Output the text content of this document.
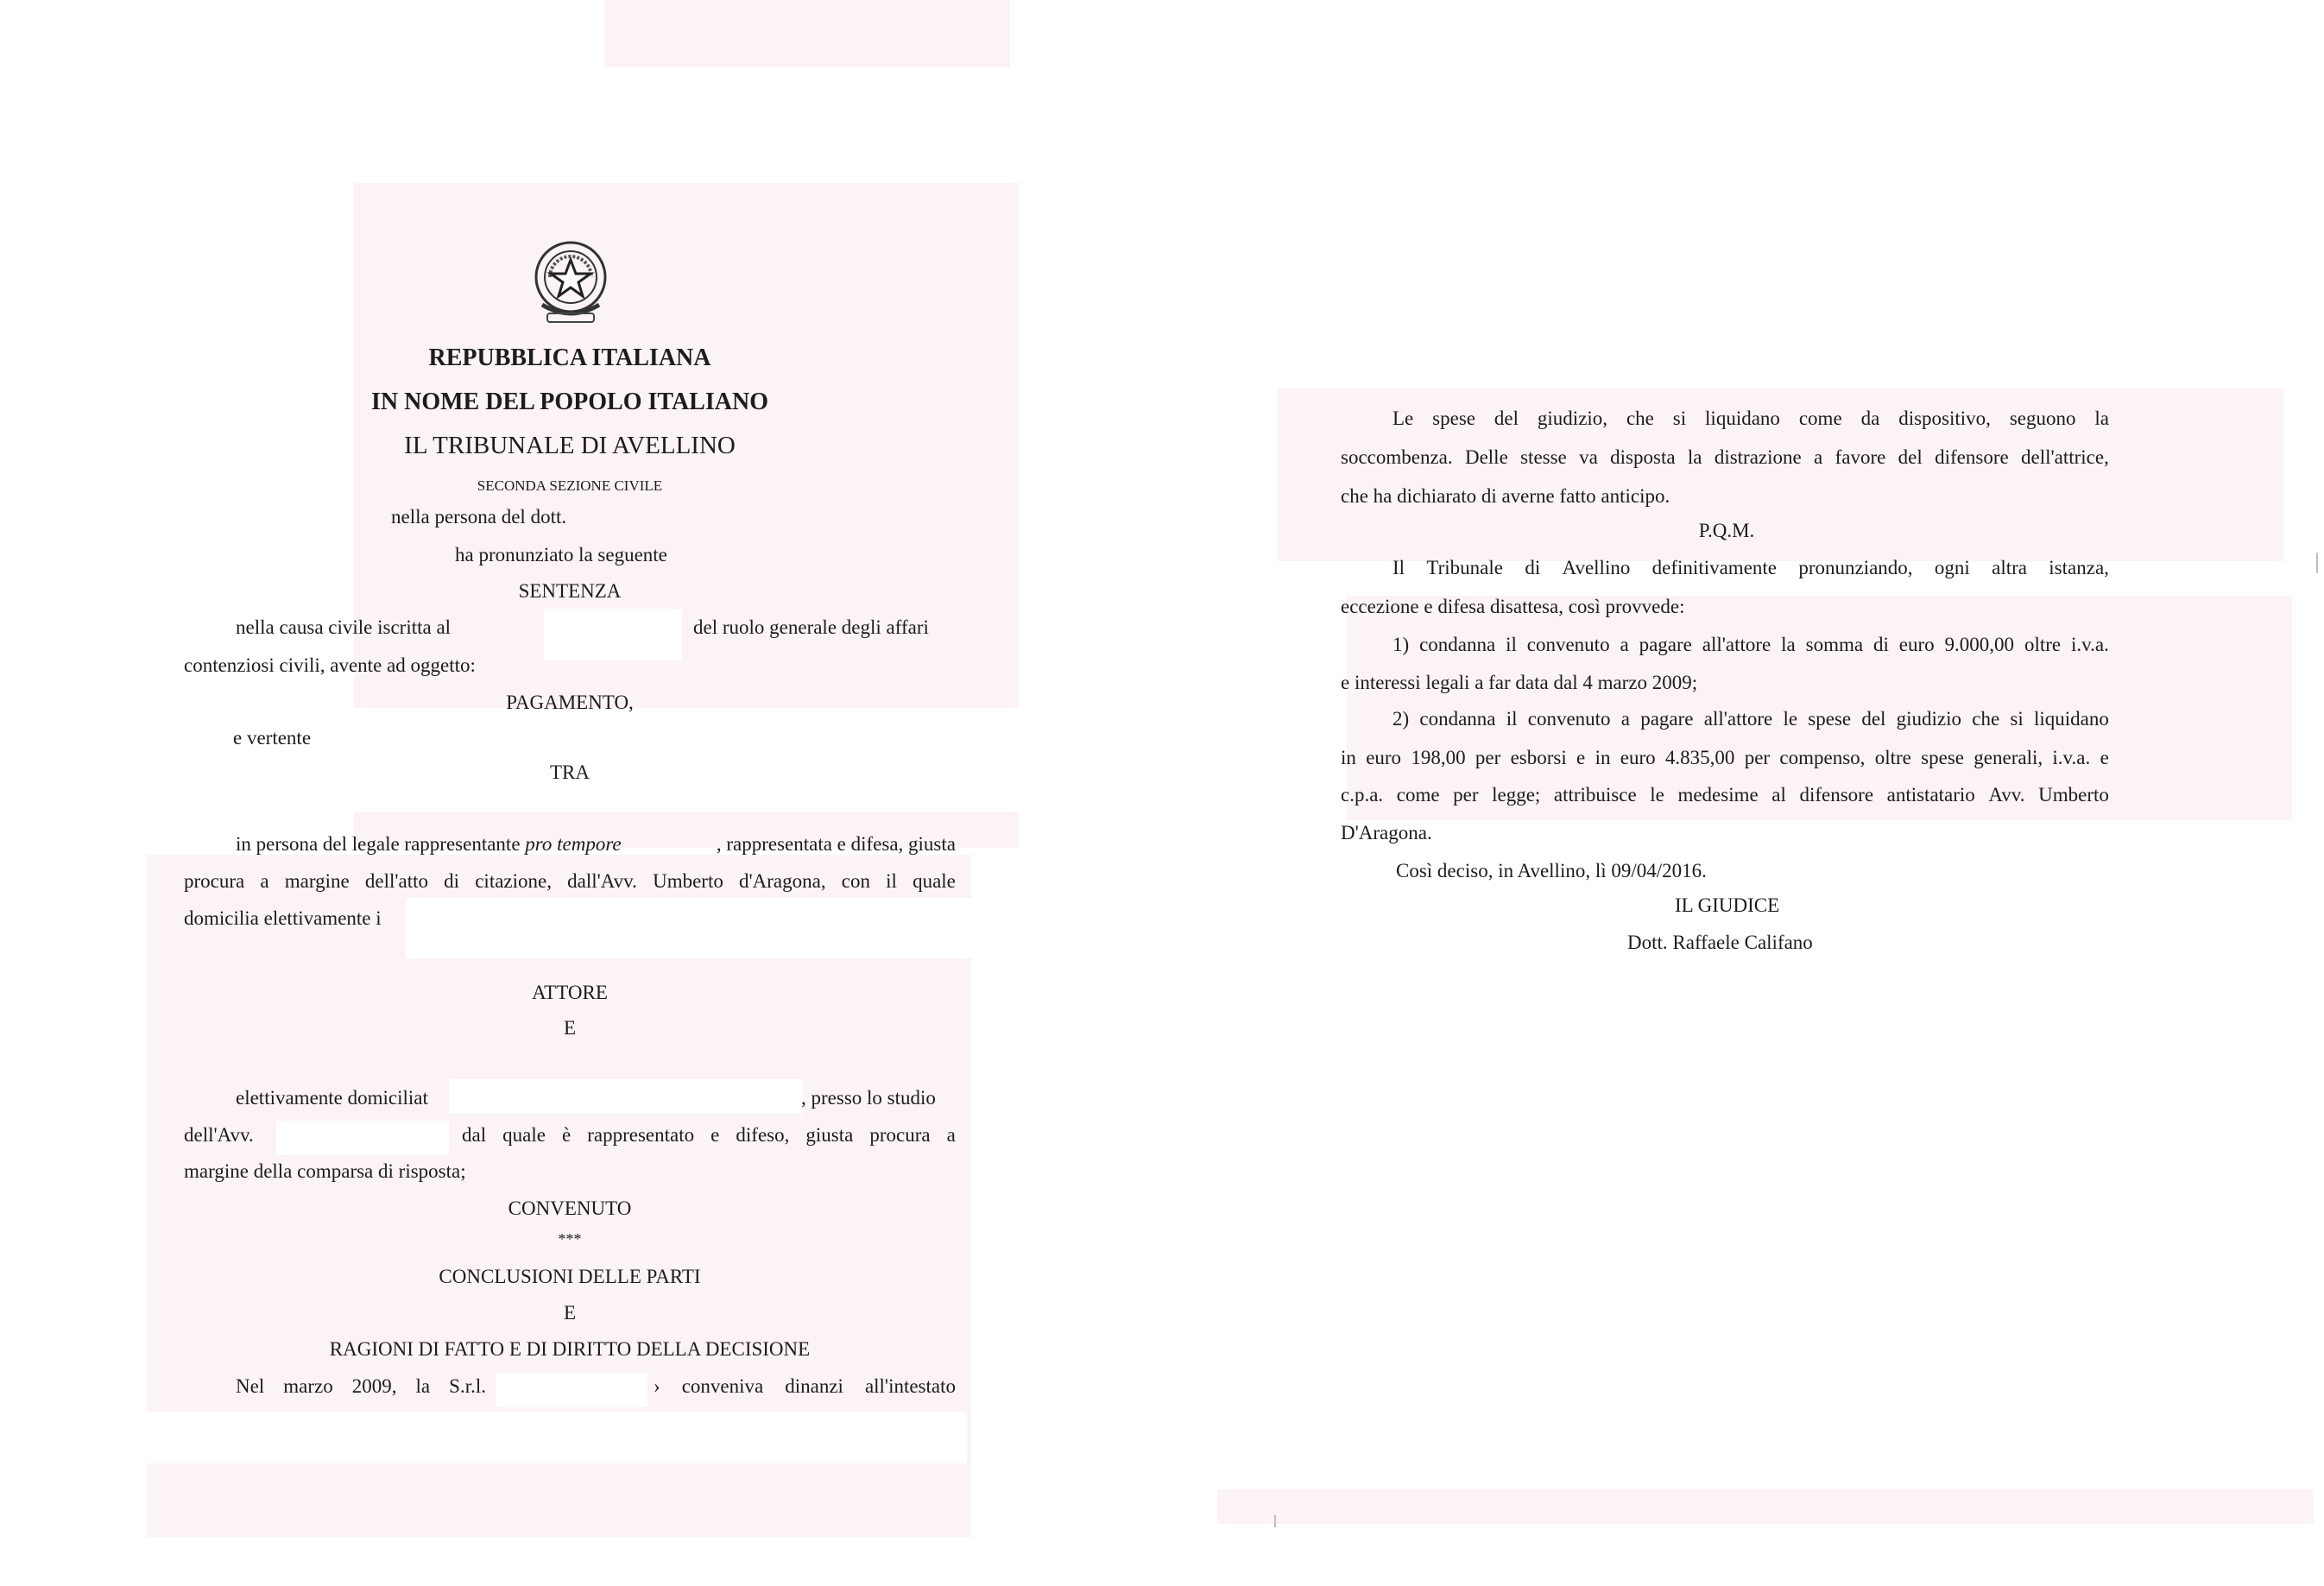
REPUBBLICA ITALIANA
IN NOME DEL POPOLO ITALIANO
IL TRIBUNALE DI AVELLINO
SECONDA SEZIONE CIVILE
nella persona del dott.
ha pronunziato la seguente
SENTENZA
nella causa civile iscritta al	del ruolo generale degli affari
contenziosi civili, avente ad oggetto:
PAGAMENTO,
e vertente
TRA
in persona del legale rappresentante pro tempore	, rappresentata e difesa, giusta
procura a margine dell'atto di citazione, dall'Avv. Umberto d'Aragona, con il quale
domicilia elettivamente i
ATTORE
E
elettivamente domiciliat	, presso lo studio
dell'Avv.	dal quale è rappresentato e difeso, giusta procura a
margine della comparsa di risposta;
CONVENUTO
***
CONCLUSIONI DELLE PARTI
E
RAGIONI DI FATTO E DI DIRITTO DELLA DECISIONE
Nel marzo 2009, la S.r.l.	› conveniva dinanzi all'intestato
Le spese del giudizio, che si liquidano come da dispositivo, seguono la
soccombenza. Delle stesse va disposta la distrazione a favore del difensore dell'attrice,
che ha dichiarato di averne fatto anticipo.
P.Q.M.
Il Tribunale di Avellino definitivamente pronunziando, ogni altra istanza,
eccezione e difesa disattesa, così provvede:
1) condanna il convenuto a pagare all'attore la somma di euro 9.000,00 oltre i.v.a.
e interessi legali a far data dal 4 marzo 2009;
2) condanna il convenuto a pagare all'attore le spese del giudizio che si liquidano
in euro 198,00 per esborsi e in euro 4.835,00 per compenso, oltre spese generali, i.v.a. e
c.p.a. come per legge; attribuisce le medesime al difensore antistatario Avv. Umberto
D'Aragona.
Così deciso, in Avellino, lì 09/04/2016.
IL GIUDICE
Dott. Raffaele Califano
